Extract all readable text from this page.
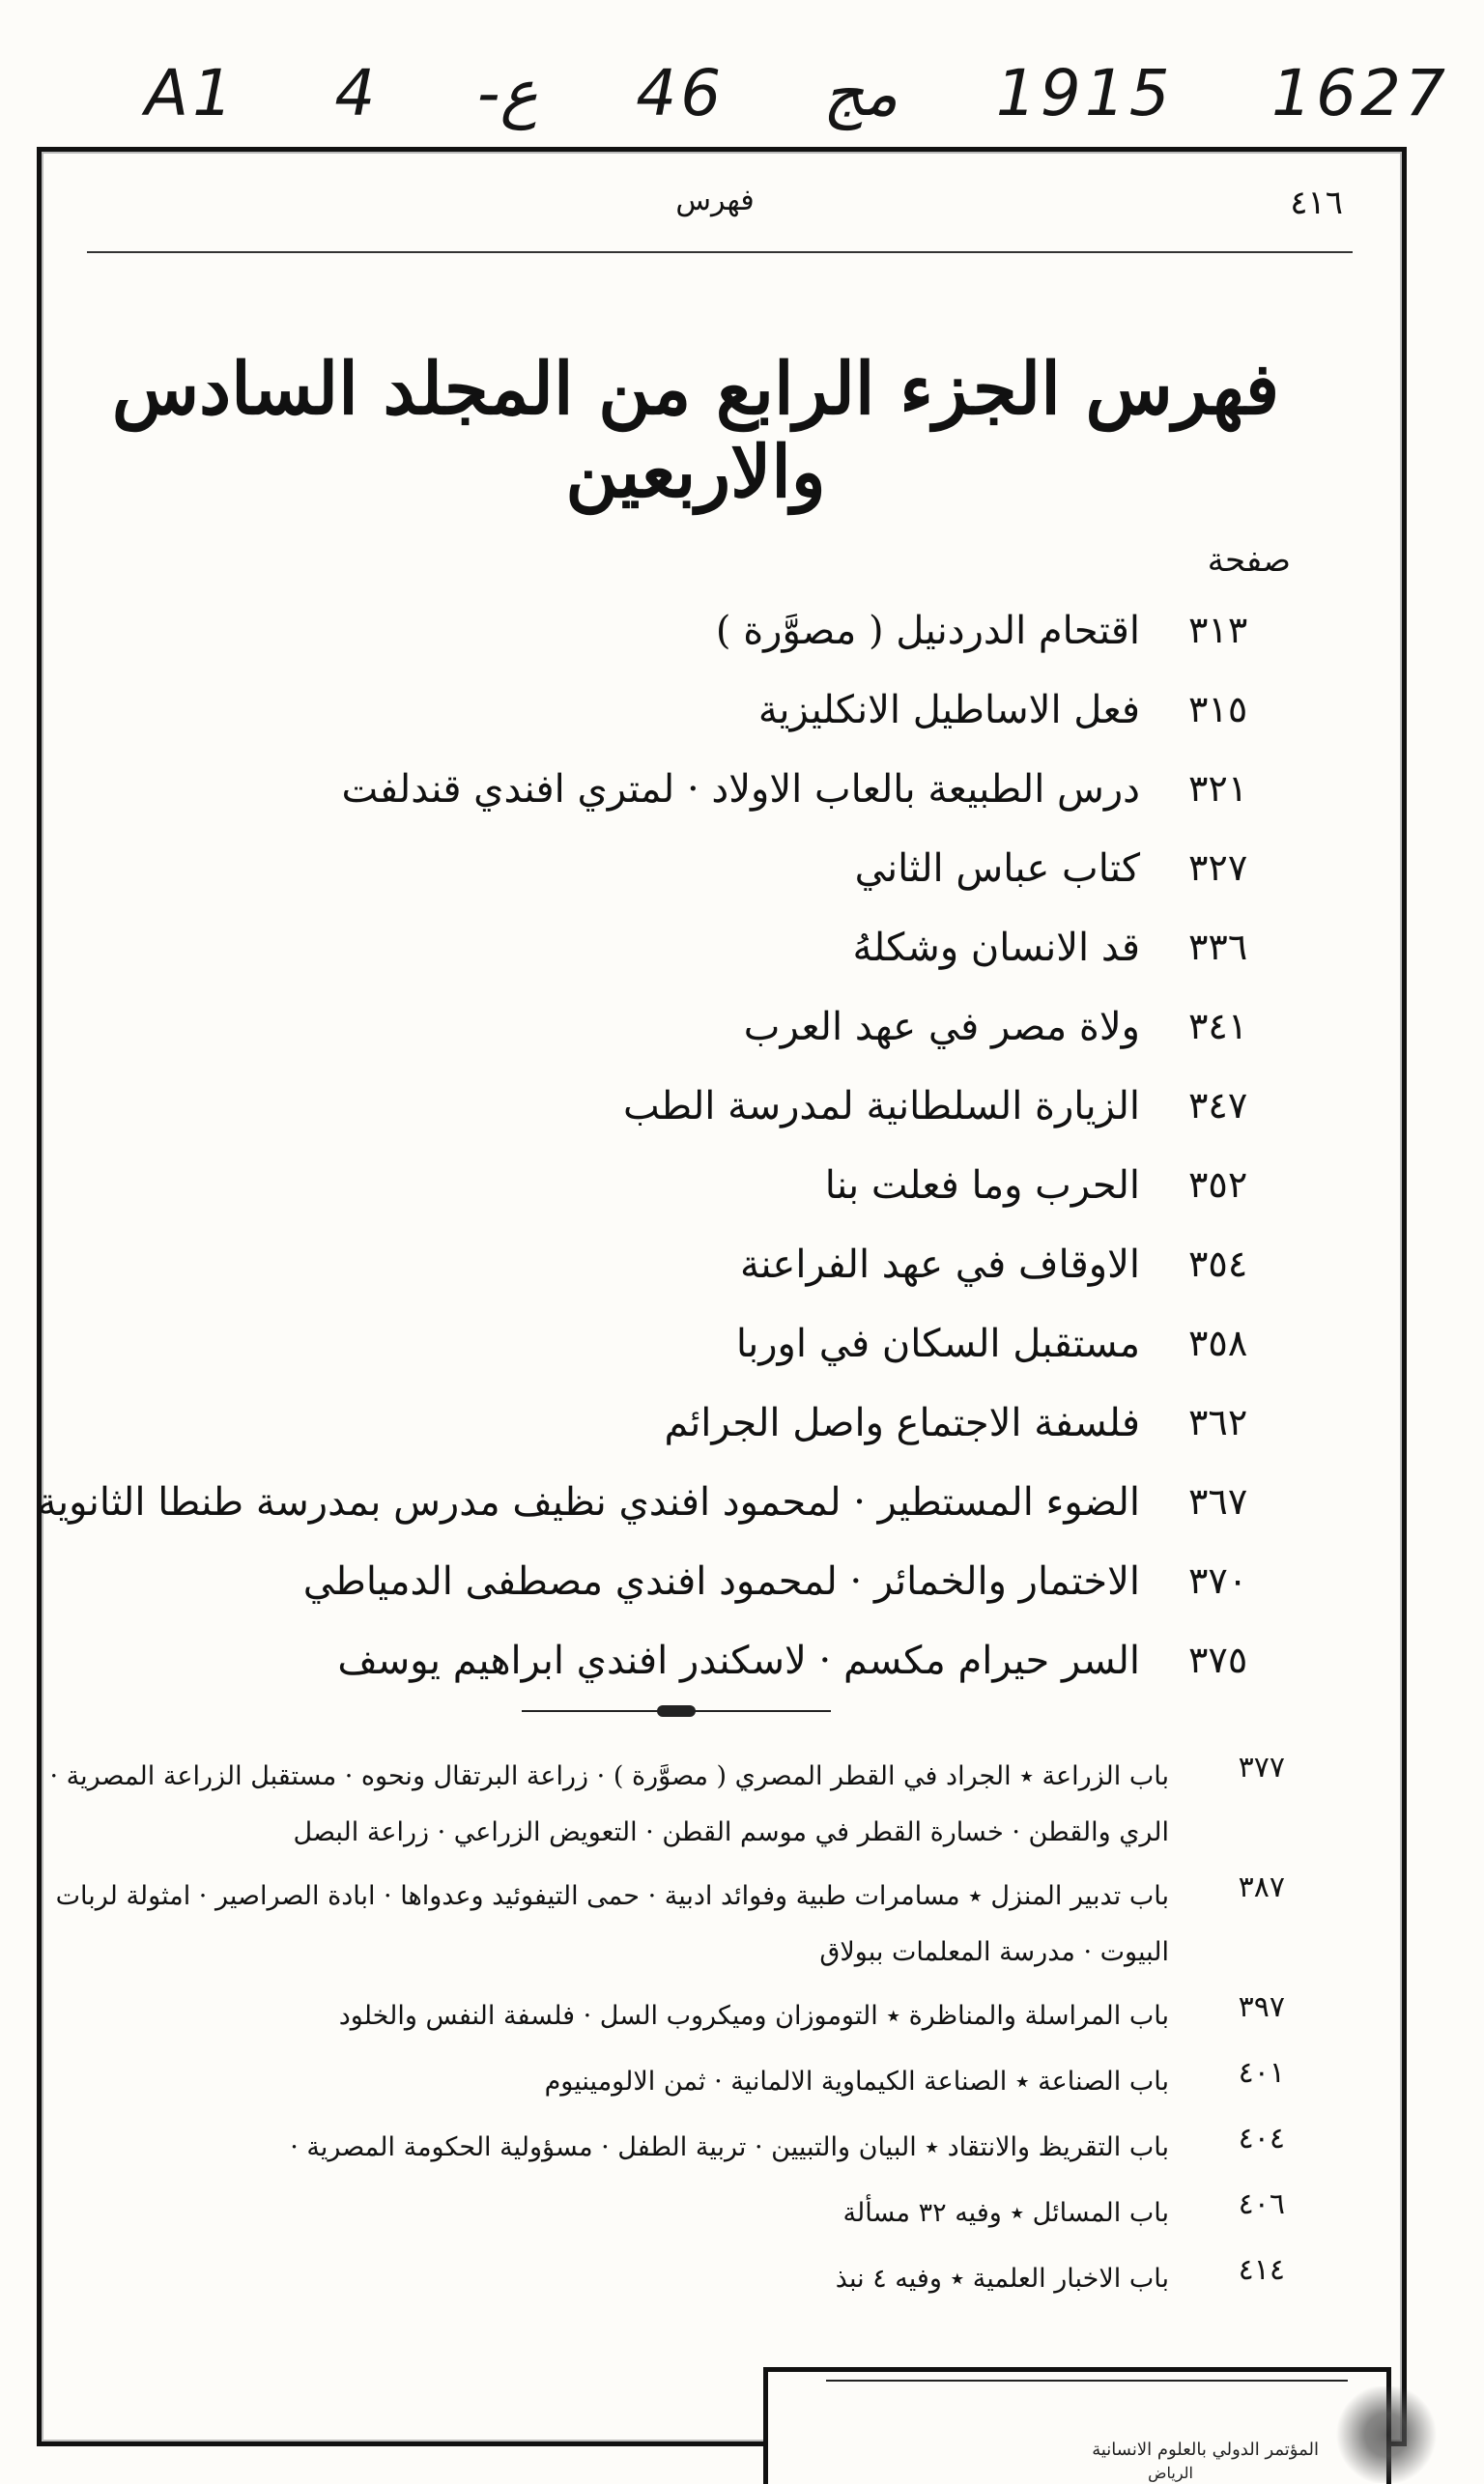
A1 4 -ع 46 مج 1915 1627
٤١٦
فهرس
فهرس الجزء الرابع من المجلد السادس والاربعين
صفحة
٣١٣
اقتحام الدردنيل ( مصوَّرة )
٣١٥
فعل الاساطيل الانكليزية
٣٢١
درس الطبيعة بالعاب الاولاد · لمتري افندي قندلفت
٣٢٧
كتاب عباس الثاني
٣٣٦
قد الانسان وشكلهُ
٣٤١
ولاة مصر في عهد العرب
٣٤٧
الزيارة السلطانية لمدرسة الطب
٣٥٢
الحرب وما فعلت بنا
٣٥٤
الاوقاف في عهد الفراعنة
٣٥٨
مستقبل السكان في اوربا
٣٦٢
فلسفة الاجتماع واصل الجرائم
٣٦٧
الضوء المستطير · لمحمود افندي نظيف مدرس بمدرسة طنطا الثانوية
٣٧٠
الاختمار والخمائر · لمحمود افندي مصطفى الدمياطي
٣٧٥
السر حيرام مكسم · لاسكندر افندي ابراهيم يوسف
٣٧٧
باب الزراعة ٭ الجراد في القطر المصري ( مصوَّرة ) · زراعة البرتقال ونحوه · مستقبل الزراعة المصرية · الري والقطن · خسارة القطر في موسم القطن · التعويض الزراعي · زراعة البصل
٣٨٧
باب تدبير المنزل ٭ مسامرات طبية وفوائد ادبية · حمى التيفوئيد وعدواها · ابادة الصراصير · امثولة لربات البيوت · مدرسة المعلمات ببولاق
٣٩٧
باب المراسلة والمناظرة ٭ التوموزان وميكروب السل · فلسفة النفس والخلود
٤٠١
باب الصناعة ٭ الصناعة الكيماوية الالمانية · ثمن الالومينيوم
٤٠٤
باب التقريظ والانتقاد ٭ البيان والتبيين · تربية الطفل · مسؤولية الحكومة المصرية ·
٤٠٦
باب المسائل ٭ وفيه ٣٢ مسألة
٤١٤
باب الاخبار العلمية ٭ وفيه ٤ نبذ
المؤتمر الدولي بالعلوم الانسانية
الرياض
